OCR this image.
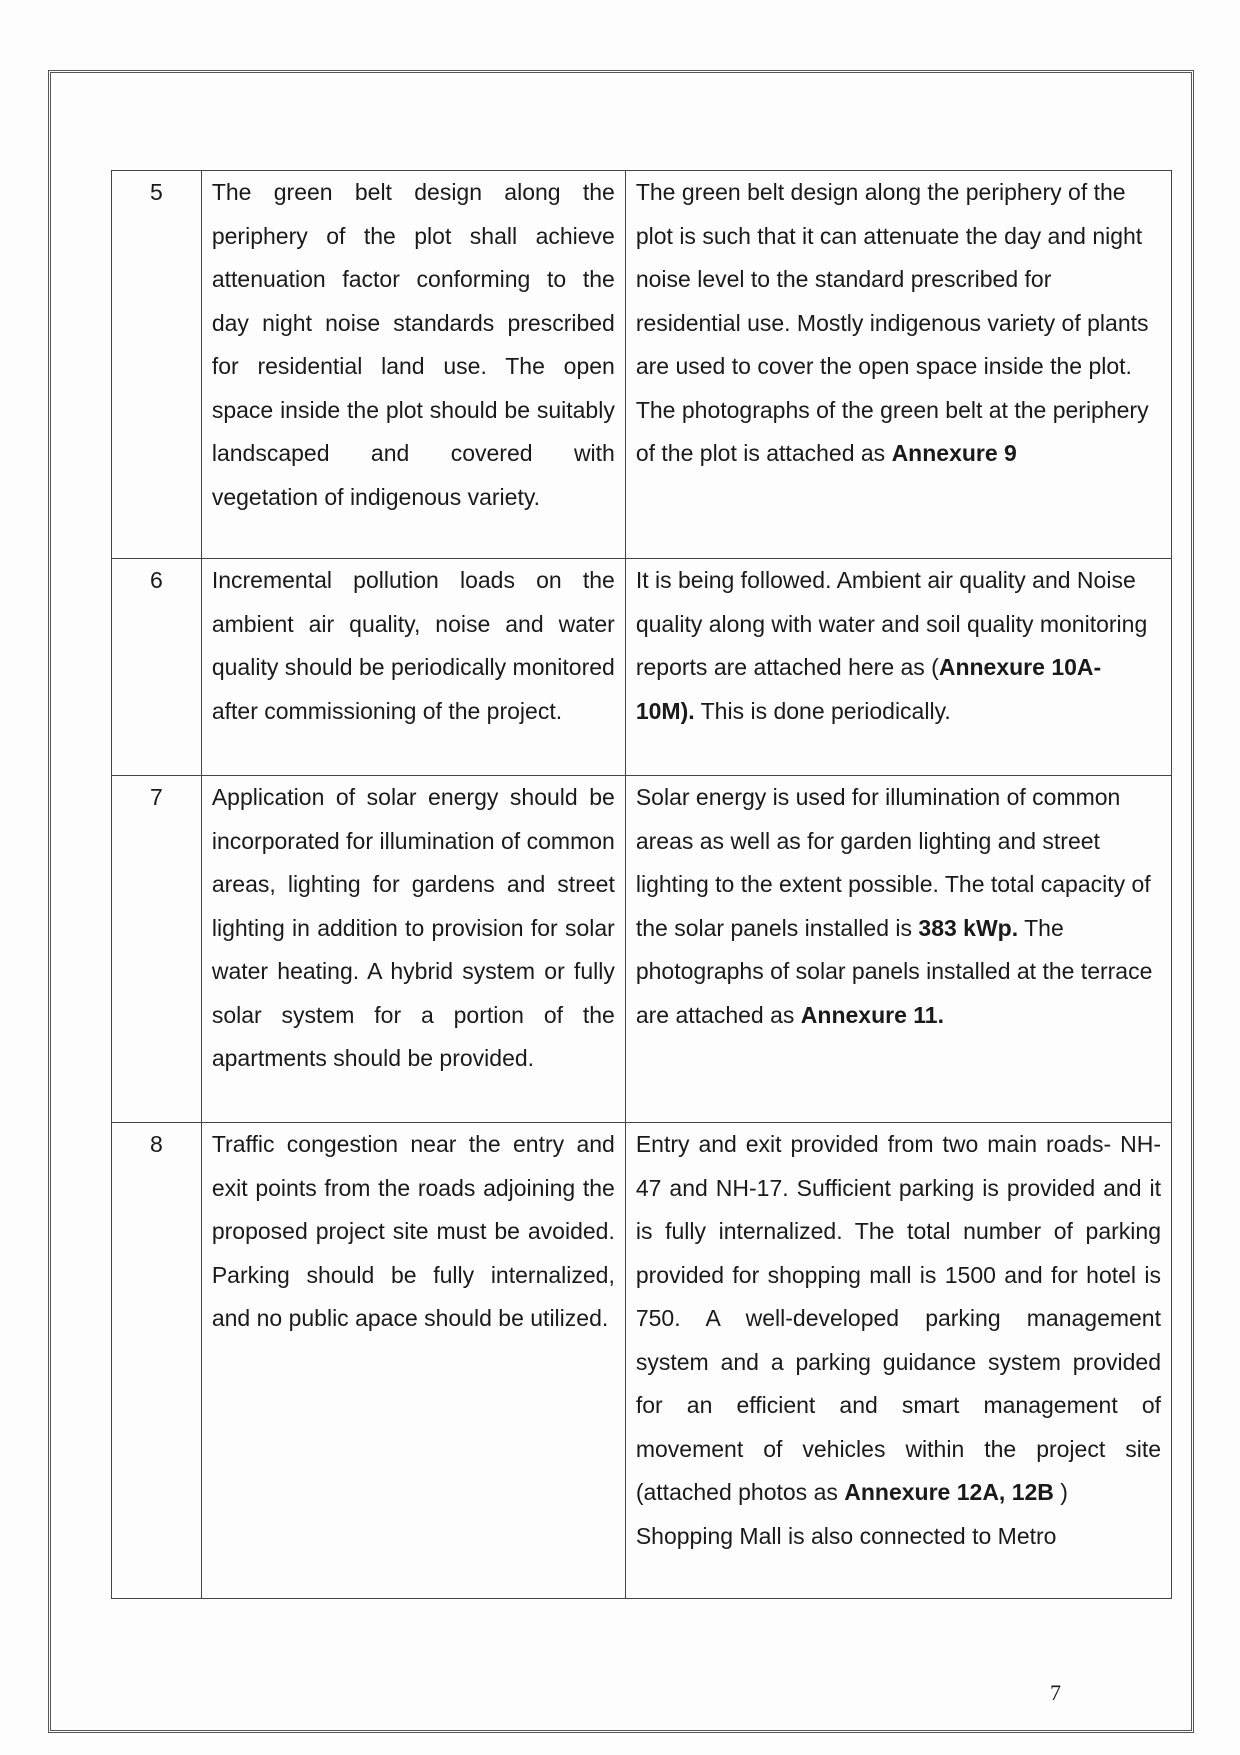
5	The green belt design along the periphery of the plot shall achieve attenuation factor conforming to the day night noise standards prescribed for residential land use. The open space inside the plot should be suitably landscaped and covered with vegetation of indigenous variety.	The green belt design along the periphery of the plot is such that it can attenuate the day and night noise level to the standard prescribed for residential use. Mostly indigenous variety of plants are used to cover the open space inside the plot.
The photographs of the green belt at the periphery of the plot is attached as Annexure 9
6	Incremental pollution loads on the ambient air quality, noise and water quality should be periodically monitored after commissioning of the project.	It is being followed. Ambient air quality and Noise quality along with water and soil quality monitoring reports are attached here as (Annexure 10A- 10M). This is done periodically.
7	Application of solar energy should be incorporated for illumination of common areas, lighting for gardens and street lighting in addition to provision for solar water heating. A hybrid system or fully solar system for a portion of the apartments should be provided.	Solar energy is used for illumination of common areas as well as for garden lighting and street lighting to the extent possible. The total capacity of the solar panels installed is 383 kWp. The photographs of solar panels installed at the terrace are attached as Annexure 11.
8	Traffic congestion near the entry and exit points from the roads adjoining the proposed project site must be avoided. Parking should be fully internalized, and no public apace should be utilized.	Entry and exit provided from two main roads- NH-47 and NH-17. Sufficient parking is provided and it is fully internalized. The total number of parking provided for shopping mall is 1500 and for hotel is 750. A well-developed parking management system and a parking guidance system provided for an efficient and smart management of movement of vehicles within the project site (attached photos as Annexure 12A, 12B )
Shopping Mall is also connected to Metro
7
